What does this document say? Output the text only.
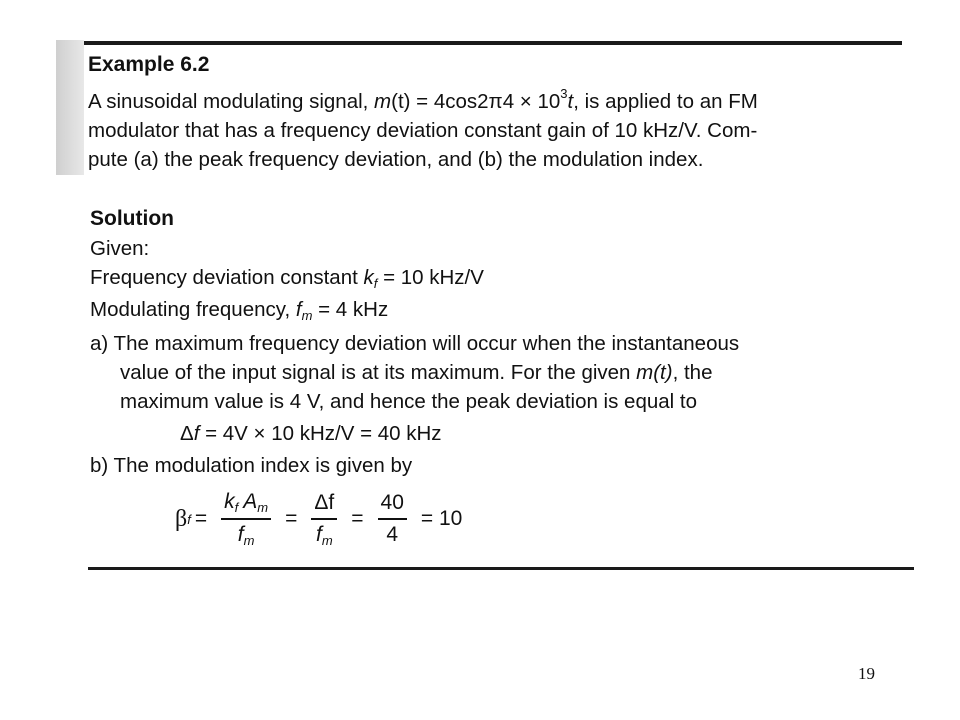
Example 6.2
A sinusoidal modulating signal, $m(t) = 4\cos 2\pi 4 \times 10^3t$, is applied to an FM
modulator that has a frequency deviation constant gain of 10 kHz/V. Com-
pute (a) the peak frequency deviation, and (b) the modulation index.
Solution
Given:
Frequency deviation constant $k_f = 10$ kHz/V
Modulating frequency, $f_m = 4$ kHz
a) The maximum frequency deviation will occur when the instantaneous
value of the input signal is at its maximum. For the given m(t), the
maximum value is 4 V, and hence the peak deviation is equal to
Δf = 4V × 10 kHz/V = 40 kHz
b) The modulation index is given by
β $f = \frac{k_f A_m}{f_m} = \frac{\Delta f}{f_m} = \frac{40}{4} = 10$
19
